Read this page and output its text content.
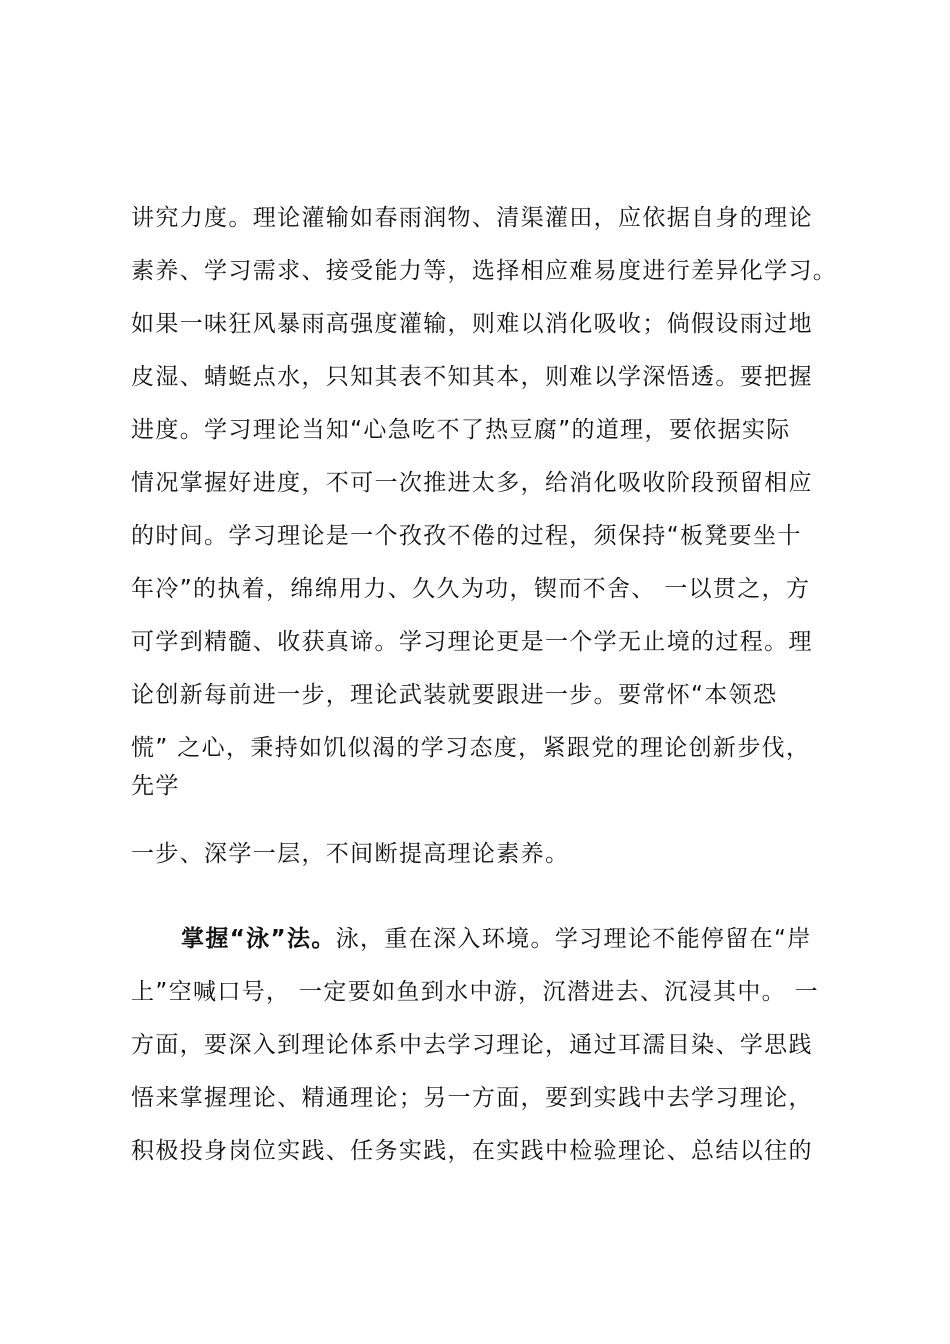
讲究力度。理论灌输如春雨润物、清渠灌田，应依据自身的理论
素养、学习需求、接受能力等，选择相应难易度进行差异化学习。
如果一味狂风暴雨高强度灌输，则难以消化吸收；倘假设雨过地
皮湿、蜻蜓点水，只知其表不知其本，则难以学深悟透。要把握
进度。学习理论当知“心急吃不了热豆腐”的道理，要依据实际
情况掌握好进度，不可一次推进太多，给消化吸收阶段预留相应
的时间。学习理论是一个孜孜不倦的过程，须保持“板凳要坐十
年冷”的执着，绵绵用力、久久为功，锲而不舍、 一以贯之，方
可学到精髓、收获真谛。学习理论更是一个学无止境的过程。理
论创新每前进一步，理论武装就要跟进一步。要常怀“本领恐
慌” 之心，秉持如饥似渴的学习态度，紧跟党的理论创新步伐，
先学
一步、深学一层，不间断提高理论素养。
掌握“泳”法。泳，重在深入环境。学习理论不能停留在“岸
上”空喊口号， 一定要如鱼到水中游，沉潜进去、沉浸其中。 一
方面，要深入到理论体系中去学习理论，通过耳濡目染、学思践
悟来掌握理论、精通理论；另一方面，要到实践中去学习理论，
积极投身岗位实践、任务实践，在实践中检验理论、总结以往的
